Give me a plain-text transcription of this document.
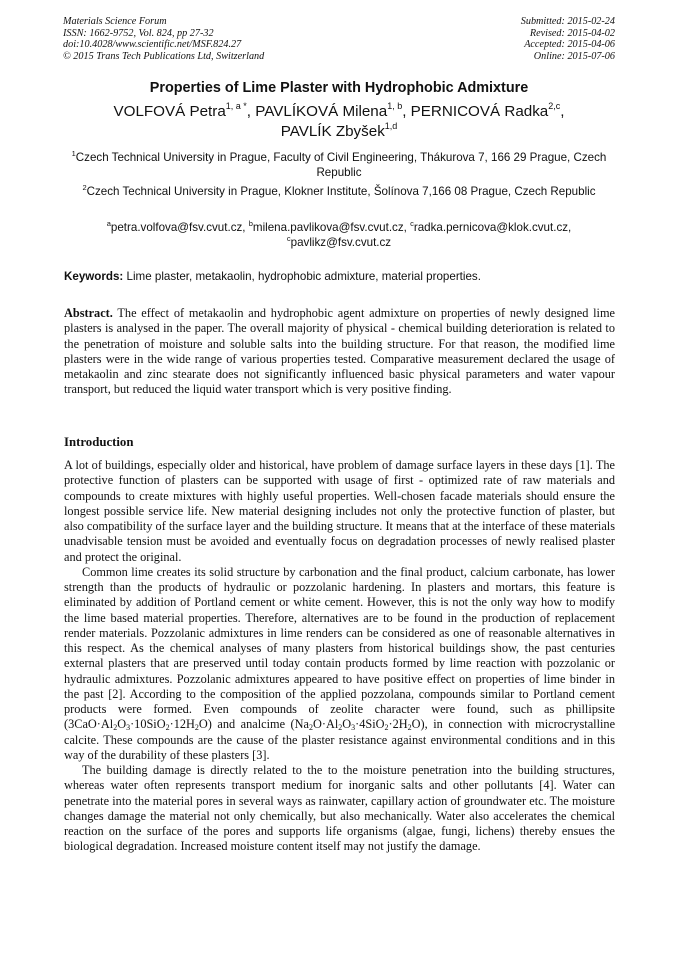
Materials Science Forum
ISSN: 1662-9752, Vol. 824, pp 27-32
doi:10.4028/www.scientific.net/MSF.824.27
© 2015 Trans Tech Publications Ltd, Switzerland
Submitted: 2015-02-24
Revised: 2015-04-02
Accepted: 2015-04-06
Online: 2015-07-06
Properties of Lime Plaster with Hydrophobic Admixture
VOLFOVÁ Petra$^{1, a *}$, PAVLÍKOVÁ Milena$^{1, b}$, PERNICOVÁ Radka$^{2,c}$,
PAVLÍK Zbyšek$^{1,d}$
$^1$Czech Technical University in Prague, Faculty of Civil Engineering, Thákurova 7, 166 29 Prague, Czech Republic
$^2$Czech Technical University in Prague, Klokner Institute, Šolínova 7,166 08 Prague, Czech Republic
$^a$petra.volfova@fsv.cvut.cz, $^b$milena.pavlikova@fsv.cvut.cz, $^c$radka.pernicova@klok.cvut.cz,
$^c$pavlikz@fsv.cvut.cz
Keywords: Lime plaster, metakaolin, hydrophobic admixture, material properties.

Abstract. The effect of metakaolin and hydrophobic agent admixture on properties of newly designed lime plasters is analysed in the paper. The overall majority of physical - chemical building deterioration is related to the penetration of moisture and soluble salts into the building structure. For that reason, the modified lime plasters were in the wide range of various properties tested. Comparative measurement declared the usage of metakaolin and zinc stearate does not significantly influenced basic physical parameters and water vapour transport, but reduced the liquid water transport which is very positive finding.

Introduction

A lot of buildings, especially older and historical, have problem of damage surface layers in these days [1]. The protective function of plasters can be supported with usage of first - optimized rate of raw materials and compounds to create mixtures with highly useful properties. Well-chosen facade materials should ensure the longest possible service life. New material designing includes not only the protective function of plaster, but also compatibility of the surface layer and the building structure. It means that at the interface of these materials unadvisable tension must be avoided and eventually focus on degradation processes of newly realised plaster and protect the original.

Common lime creates its solid structure by carbonation and the final product, calcium carbonate, has lower strength than the products of hydraulic or pozzolanic hardening. In plasters and mortars, this feature is eliminated by addition of Portland cement or white cement. However, this is not the only way how to modify the lime based material properties. Therefore, alternatives are to be found in the production of replacement render materials. Pozzolanic admixtures in lime renders can be considered as one of reasonable alternatives in this respect. As the chemical analyses of many plasters from historical buildings show, the past centuries external plasters that are preserved until today contain products formed by lime reaction with pozzolanic or hydraulic admixtures. Pozzolanic admixtures appeared to have positive effect on properties of lime binder in the past [2]. According to the composition of the applied pozzolana, compounds similar to Portland cement products were formed. Even compounds of zeolite character were found, such as phillipsite $(3CaO\cdot Al_2O_3\cdot 10SiO_2\cdot 12H_2O)$ and analcime $(Na_2O\cdot Al_2O_3\cdot 4SiO_2\cdot 2H_2O)$, in connection with microcrystalline calcite. These compounds are the cause of the plaster resistance against environmental conditions and in this way of the durability of these plasters [3].

The building damage is directly related to the to the moisture penetration into the building structures, whereas water often represents transport medium for inorganic salts and other pollutants [4]. Water can penetrate into the material pores in several ways as rainwater, capillary action of groundwater etc. The moisture changes damage the material not only chemically, but also mechanically. Water also accelerates the chemical reaction on the surface of the pores and supports life organisms (algae, fungi, lichens) thereby ensues the biological degradation. Increased moisture content itself may not justify the damage.
